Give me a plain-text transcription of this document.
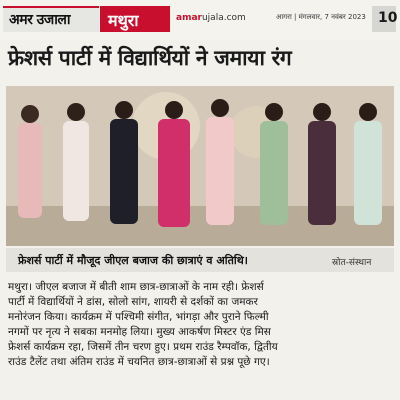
अमर उजाला मथुरा	amarujala.com	आगरा | मंगलवार, 7 नवंबर 2023 10
फ्रेशर्स पार्टी में विद्यार्थियों ने जमाया रंग
फ्रेशर्स पार्टी में मौजूद जीएल बजाज की छात्राएं व अतिथि।	स्रोत-संस्थान

मथुरा। जीएल बजाज में बीती शाम छात्र-छात्राओं के नाम रही। फ्रेशर्स

पार्टी में विद्यार्थियों ने डांस, सोलो सांग, शायरी से दर्शकों का जमकर

मनोरंजन किया। कार्यक्रम में पश्चिमी संगीत, भांगड़ा और पुराने फिल्मी

नगमों पर नृत्य ने सबका मनमोह लिया। मुख्य आकर्षण मिस्टर एंड मिस

फ्रेशर्स कार्यक्रम रहा, जिसमें तीन चरण हुए। प्रथम राउंड रैम्पवॉक, द्वितीय

राउंड टैलेंट तथा अंतिम राउंड में चयनित छात्र-छात्राओं से प्रश्न पूछे गए।
